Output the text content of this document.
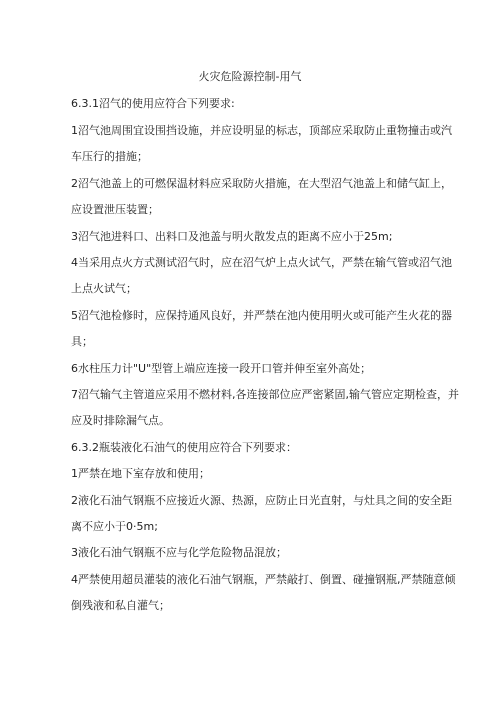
火灾危险源控制-用气
6.3.1沼气的使用应符合下列要求:
1沼气池周围宜设围挡设施，并应设明显的标志，顶部应采取防止重物撞击或汽
车压行的措施；
2沼气池盖上的可燃保温材料应采取防火措施，在大型沼气池盖上和储气缸上，
应设置泄压装置；
3沼气池进料口、出料口及池盖与明火散发点的距离不应小于25m;
4当采用点火方式测试沼气时，应在沼气炉上点火试气，严禁在输气管或沼气池
上点火试气；
5沼气池检修时，应保持通风良好，并严禁在池内使用明火或可能产生火花的器
具；
6水柱压力计"U"型管上端应连接一段开口管并伸至室外高处；
7沼气输气主管道应采用不燃材料,各连接部位应严密紧固,输气管应定期检查，并
应及时排除漏气点。
6.3.2瓶装液化石油气的使用应符合下列要求：
1严禁在地下室存放和使用；
2液化石油气钢瓶不应接近火源、热源，应防止日光直射，与灶具之间的安全距
离不应小于0·5m;
3液化石油气钢瓶不应与化学危险物品混放；
4严禁使用超员灌装的液化石油气钢瓶，严禁敲打、倒置、碰撞钢瓶,严禁随意倾
倒残液和私自灌气；
